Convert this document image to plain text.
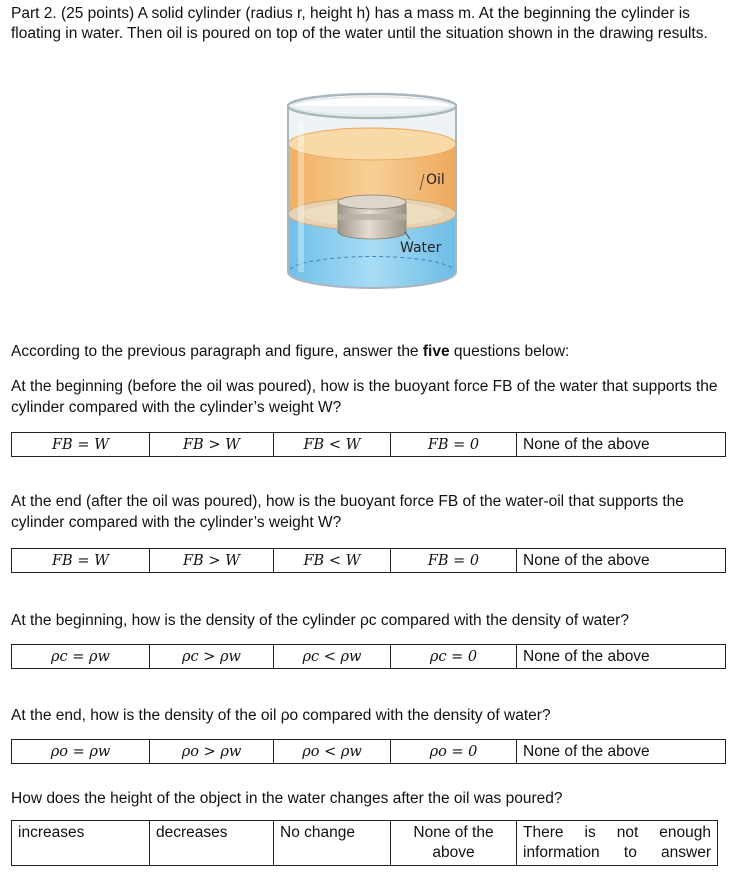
Part 2. (25 points) A solid cylinder (radius r, height h) has a mass m. At the beginning the cylinder is floating in water. Then oil is poured on top of the water until the situation shown in the drawing results.
Oil
Water
According to the previous paragraph and figure, answer the five questions below:
At the beginning (before the oil was poured), how is the buoyant force FB of the water that supports the cylinder compared with the cylinder’s weight W?
FB = W	FB > W	FB < W	FB = 0	None of the above
At the end (after the oil was poured), how is the buoyant force FB of the water-oil that supports the cylinder compared with the cylinder’s weight W?
FB = W	FB > W	FB < W	FB = 0	None of the above
At the beginning, how is the density of the cylinder ρc compared with the density of water?
ρc = ρw	ρc > ρw	ρc < ρw	ρc = 0	None of the above
At the end, how is the density of the oil ρo compared with the density of water?
ρo = ρw	ρo > ρw	ρo < ρw	ρo = 0	None of the above
How does the height of the object in the water changes after the oil was poured?
increases	decreases	No change	None of the above	There is not enough information to answer
